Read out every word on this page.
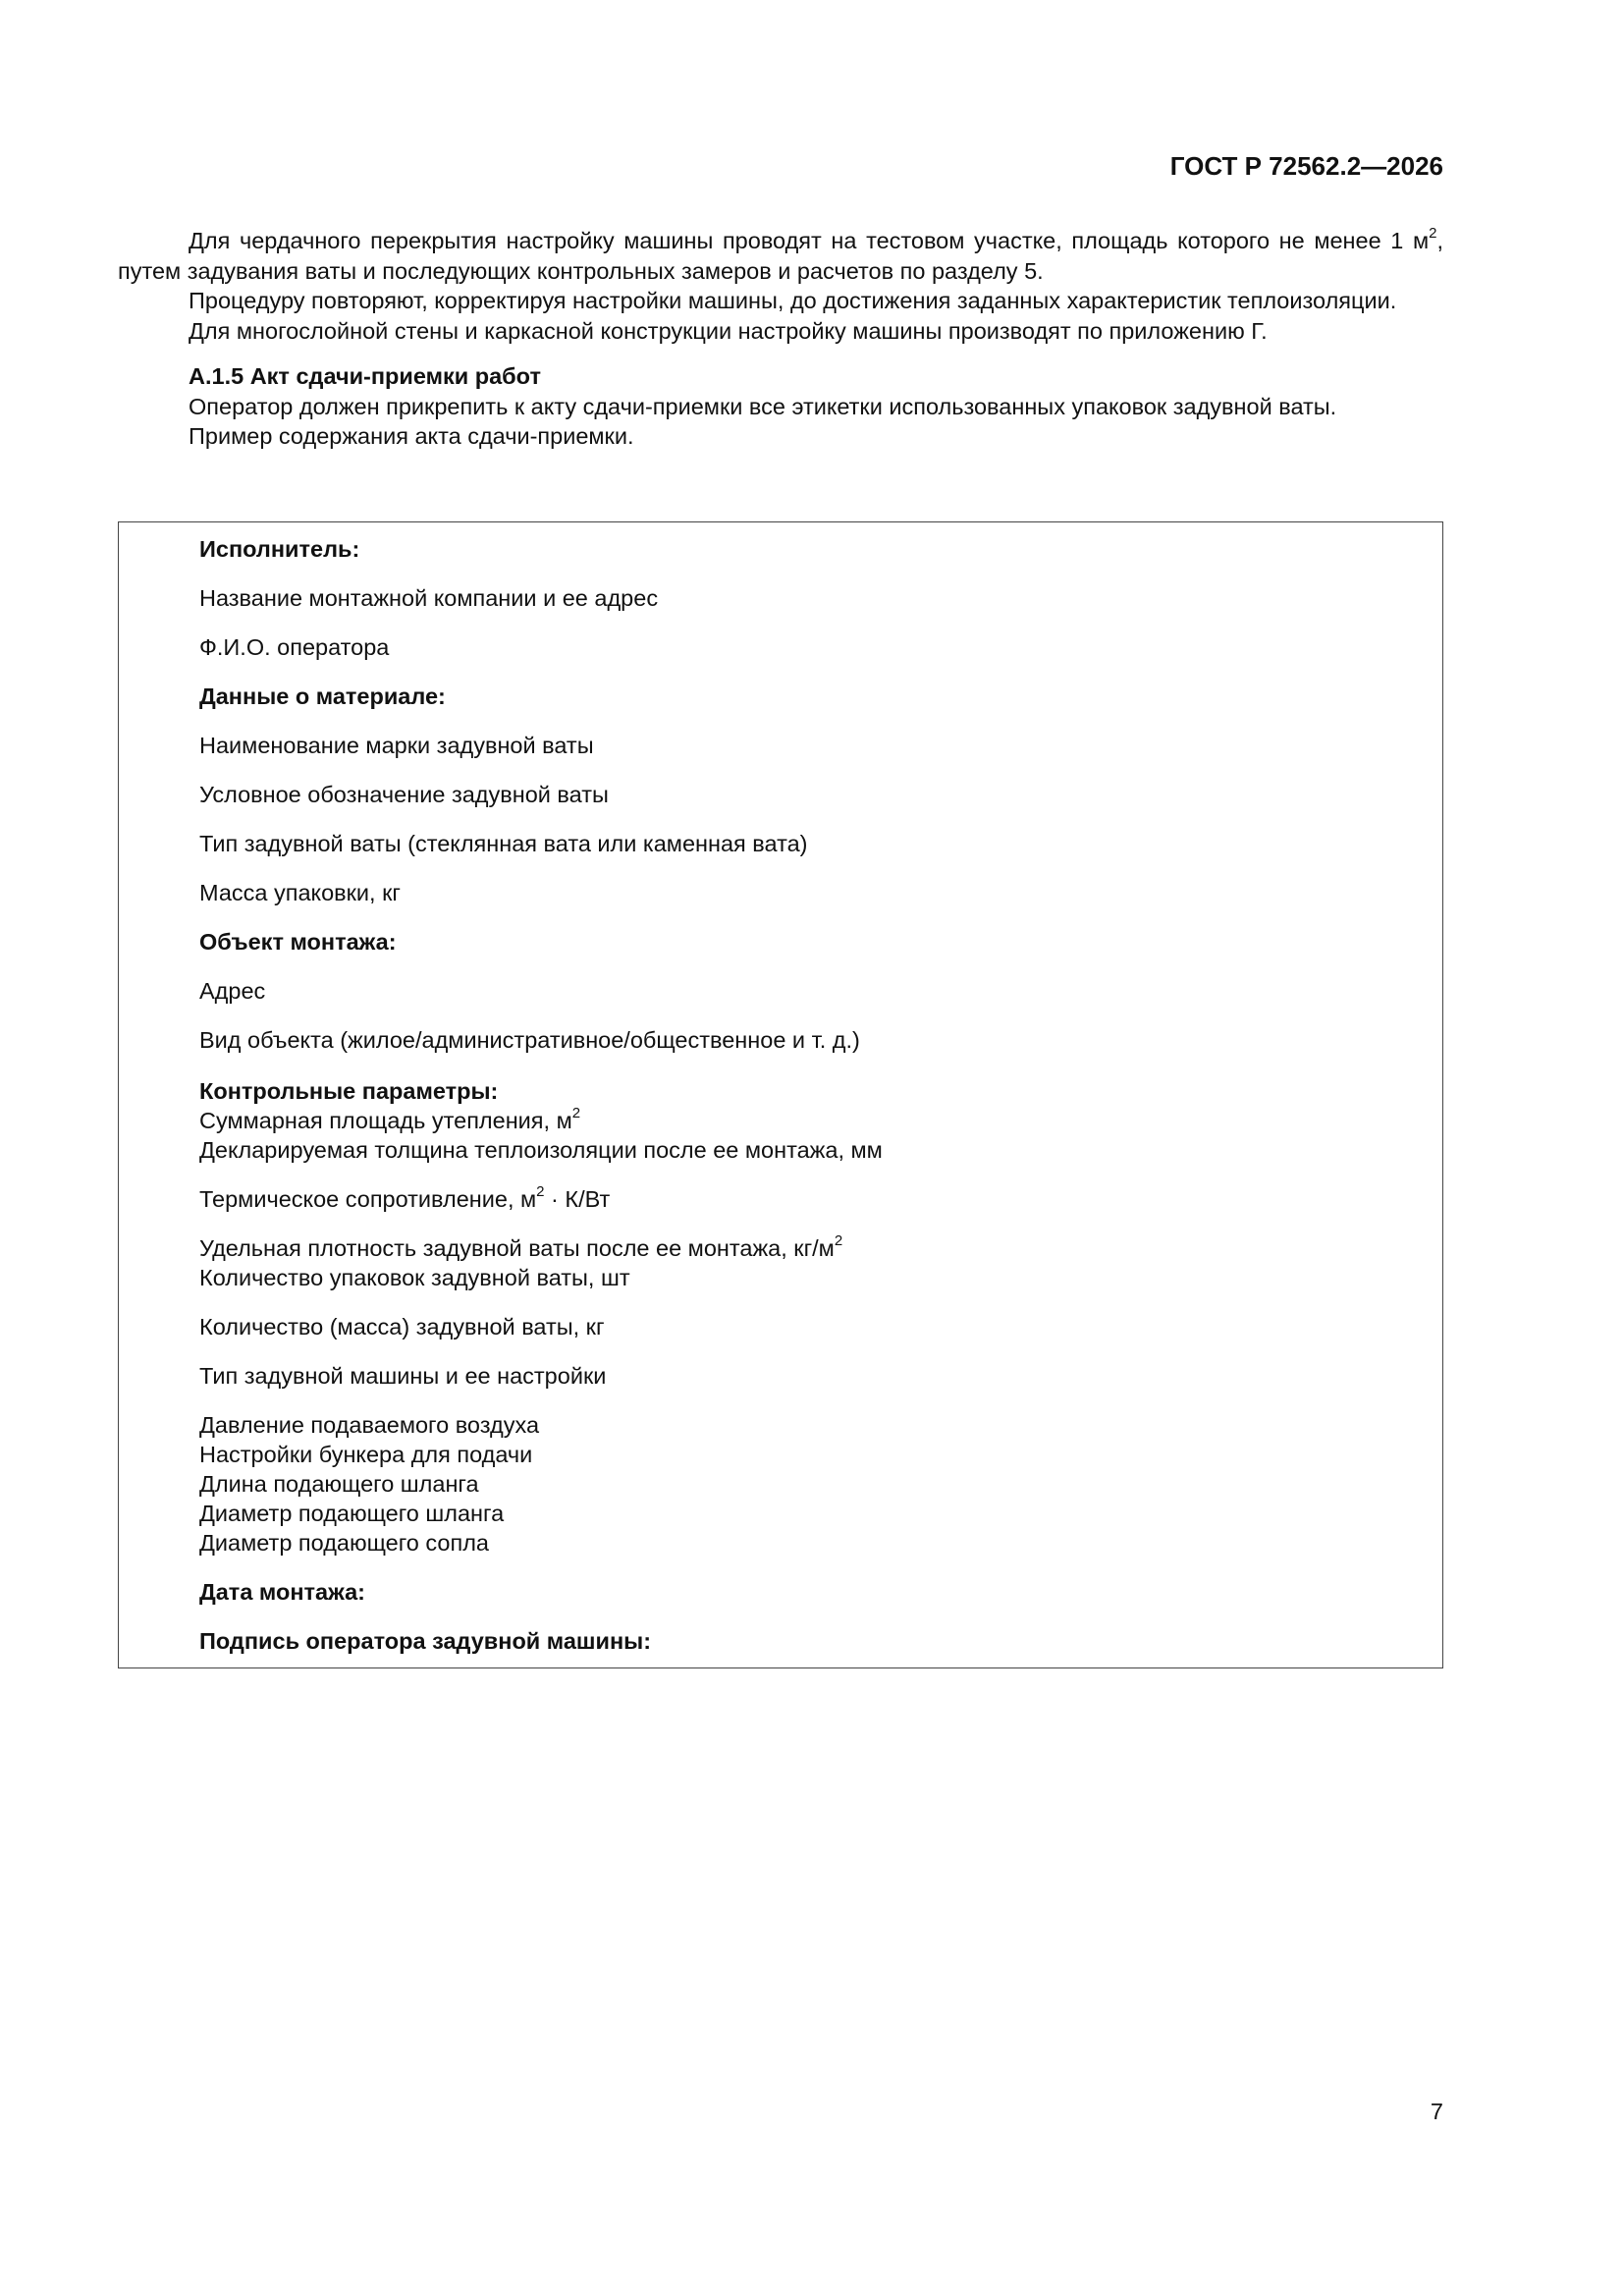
ГОСТ Р 72562.2—2026

Для чердачного перекрытия настройку машины проводят на тестовом участке, площадь которого не менее 1 $м^2$, путем задувания ваты и последующих контрольных замеров и расчетов по разделу 5.

Процедуру повторяют, корректируя настройки машины, до достижения заданных характеристик теплоизоляции.

Для многослойной стены и каркасной конструкции настройку машины производят по приложению Г.

А.1.5 Акт сдачи-приемки работ
Оператор должен прикрепить к акту сдачи-приемки все этикетки использованных упаковок задувной ваты.
Пример содержания акта сдачи-приемки.
Исполнитель:
Название монтажной компании и ее адрес
Ф.И.О. оператора
Данные о материале:
Наименование марки задувной ваты
Условное обозначение задувной ваты
Тип задувной ваты (стеклянная вата или каменная вата)
Масса упаковки, кг
Объект монтажа:
Адрес
Вид объекта (жилое/административное/общественное и т. д.)
Контрольные параметры:
Суммарная площадь утепления, $м^2$
Декларируемая толщина теплоизоляции после ее монтажа, мм
Термическое сопротивление, $м^2 \cdot К/Вт$
Удельная плотность задувной ваты после ее монтажа, $кг/м^2$
Количество упаковок задувной ваты, шт
Количество (масса) задувной ваты, кг
Тип задувной машины и ее настройки
Давление подаваемого воздуха
Настройки бункера для подачи
Длина подающего шланга
Диаметр подающего шланга
Диаметр подающего сопла
Дата монтажа:
Подпись оператора задувной машины:
7
